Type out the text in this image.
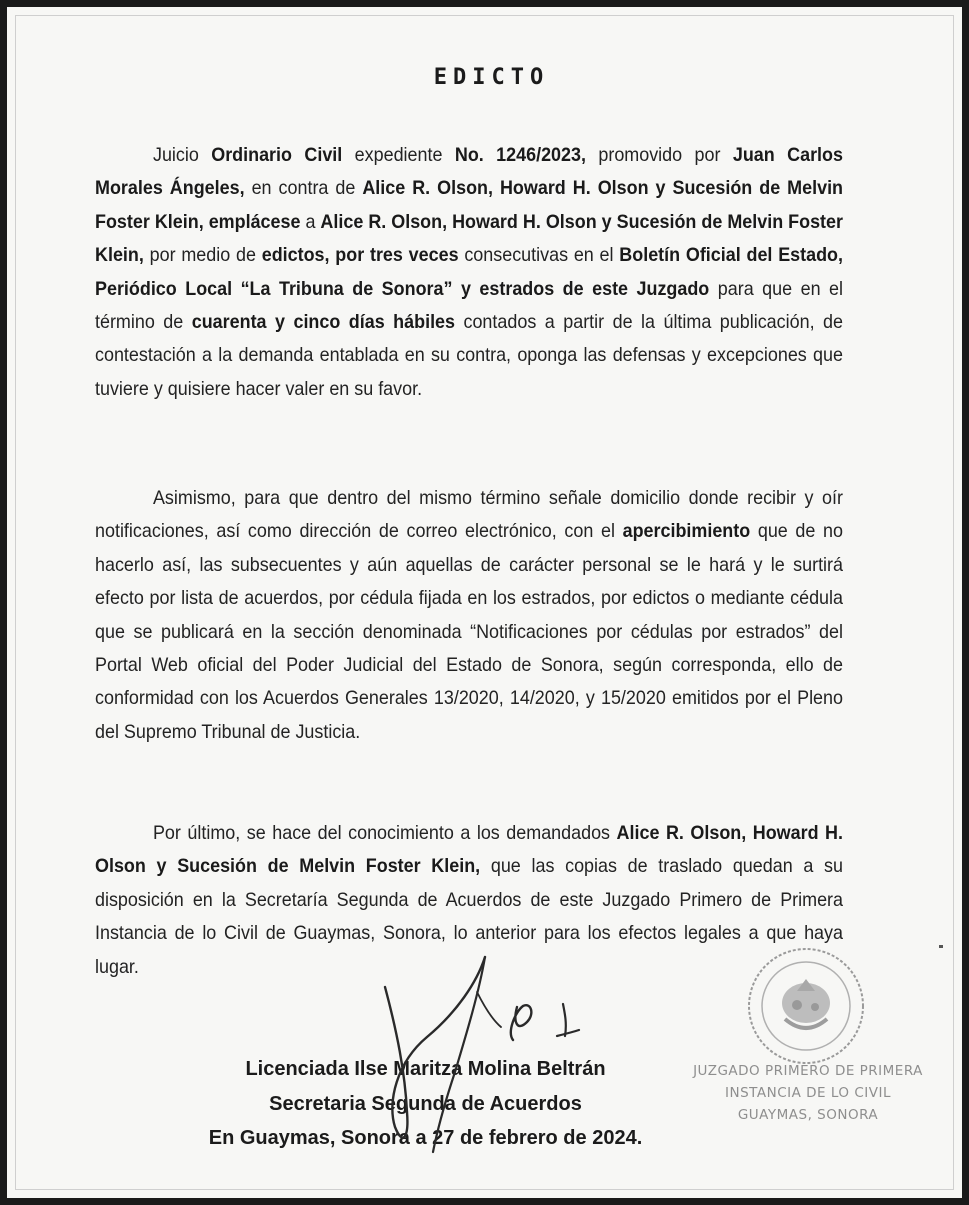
EDICTO

Juicio Ordinario Civil expediente No. 1246/2023, promovido por Juan Carlos Morales Ángeles, en contra de Alice R. Olson, Howard H. Olson y Sucesión de Melvin Foster Klein, emplácese a Alice R. Olson, Howard H. Olson y Sucesión de Melvin Foster Klein, por medio de edictos, por tres veces consecutivas en el Boletín Oficial del Estado, Periódico Local “La Tribuna de Sonora” y estrados de este Juzgado para que en el término de cuarenta y cinco días hábiles contados a partir de la última publicación, de contestación a la demanda entablada en su contra, oponga las defensas y excepciones que tuviere y quisiere hacer valer en su favor.

Asimismo, para que dentro del mismo término señale domicilio donde recibir y oír notificaciones, así como dirección de correo electrónico, con el apercibimiento que de no hacerlo así, las subsecuentes y aún aquellas de carácter personal se le hará y le surtirá efecto por lista de acuerdos, por cédula fijada en los estrados, por edictos o mediante cédula que se publicará en la sección denominada “Notificaciones por cédulas por estrados” del Portal Web oficial del Poder Judicial del Estado de Sonora, según corresponda, ello de conformidad con los Acuerdos Generales 13/2020, 14/2020, y 15/2020 emitidos por el Pleno del Supremo Tribunal de Justicia.

Por último, se hace del conocimiento a los demandados Alice R. Olson, Howard H. Olson y Sucesión de Melvin Foster Klein, que las copias de traslado quedan a su disposición en la Secretaría Segunda de Acuerdos de este Juzgado Primero de Primera Instancia de lo Civil de Guaymas, Sonora, lo anterior para los efectos legales a que haya lugar.

JUZGADO PRIMERO DE PRIMERA
INSTANCIA DE LO CIVIL
GUAYMAS, SONORA
Licenciada Ilse Maritza Molina Beltrán
Secretaria Segunda de Acuerdos
En Guaymas, Sonora a 27 de febrero de 2024.
